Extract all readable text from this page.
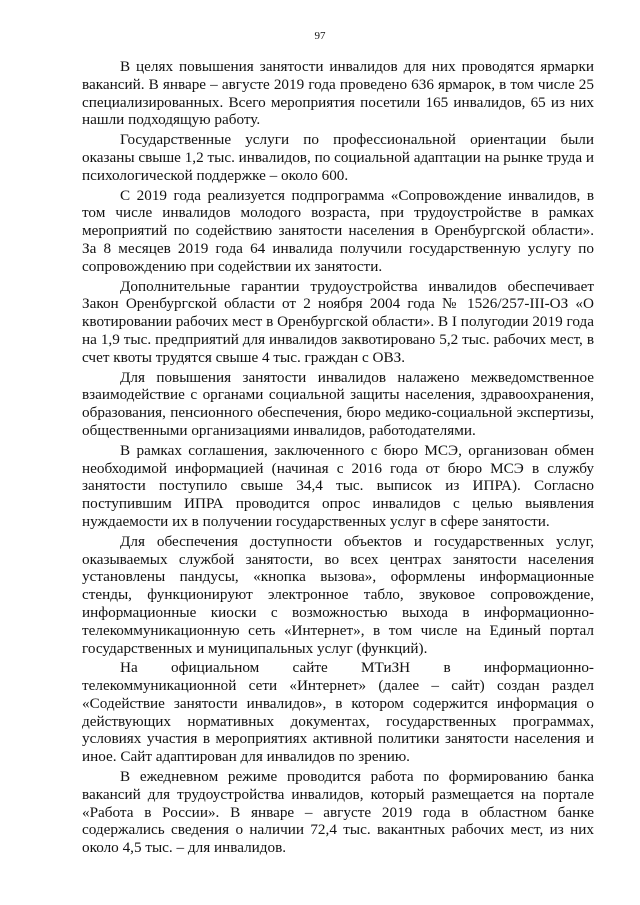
97

В целях повышения занятости инвалидов для них проводятся ярмарки вакансий. В январе – августе 2019 года проведено 636 ярмарок, в том числе 25 специализированных. Всего мероприятия посетили 165 инвалидов, 65 из них нашли подходящую работу.

Государственные услуги по профессиональной ориентации были оказаны свыше 1,2 тыс. инвалидов, по социальной адаптации на рынке труда и психологической поддержке – около 600.

С 2019 года реализуется подпрограмма «Сопровождение инвалидов, в том числе инвалидов молодого возраста, при трудоустройстве в рамках мероприятий по содействию занятости населения в Оренбургской области». За 8 месяцев 2019 года 64 инвалида получили государственную услугу по сопровождению при содействии их занятости.

Дополнительные гарантии трудоустройства инвалидов обеспечивает Закон Оренбургской области от 2 ноября 2004 года № 1526/257-III-ОЗ «О квотировании рабочих мест в Оренбургской области». В I полугодии 2019 года на 1,9 тыс. предприятий для инвалидов заквотировано 5,2 тыс. рабочих мест, в счет квоты трудятся свыше 4 тыс. граждан с ОВЗ.

Для повышения занятости инвалидов налажено межведомственное взаимодействие с органами социальной защиты населения, здравоохранения, образования, пенсионного обеспечения, бюро медико-социальной экспертизы, общественными организациями инвалидов, работодателями.

В рамках соглашения, заключенного с бюро МСЭ, организован обмен необходимой информацией (начиная с 2016 года от бюро МСЭ в службу занятости поступило свыше 34,4 тыс. выписок из ИПРА). Согласно поступившим ИПРА проводится опрос инвалидов с целью выявления нуждаемости их в получении государственных услуг в сфере занятости.

Для обеспечения доступности объектов и государственных услуг, оказываемых службой занятости, во всех центрах занятости населения установлены пандусы, «кнопка вызова», оформлены информационные стенды, функционируют электронное табло, звуковое сопровождение, информационные киоски с возможностью выхода в информационно-телекоммуникационную сеть «Интернет», в том числе на Единый портал государственных и муниципальных услуг (функций).

На официальном сайте МТиЗН в информационно-телекоммуникационной сети «Интернет» (далее – сайт) создан раздел «Содействие занятости инвалидов», в котором содержится информация о действующих нормативных документах, государственных программах, условиях участия в мероприятиях активной политики занятости населения и иное. Сайт адаптирован для инвалидов по зрению.

В ежедневном режиме проводится работа по формированию банка вакансий для трудоустройства инвалидов, который размещается на портале «Работа в России». В январе – августе 2019 года в областном банке содержались сведения о наличии 72,4 тыс. вакантных рабочих мест, из них около 4,5 тыс. – для инвалидов.
